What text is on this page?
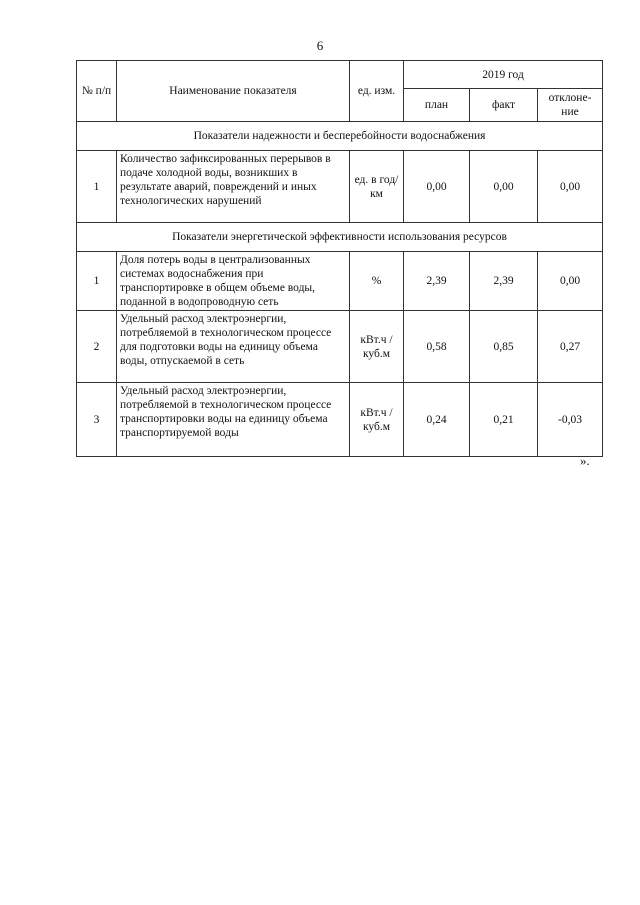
6
№ п/п	Наименование показателя	ед. изм.	2019 год		
			план	факт	отклоне-ние
Показатели надежности и бесперебойности водоснабжения					
1	Количество зафиксированных перерывов в подаче холодной воды, возникших в результате аварий, повреждений и иных технологических нарушений	ед. в год/ км	0,00	0,00	0,00
Показатели энергетической эффективности использования ресурсов					
1	Доля потерь воды в централизованных системах водоснабжения при транспортировке в общем объеме воды, поданной в водопроводную сеть	%	2,39	2,39	0,00
2	Удельный расход электроэнергии, потребляемой в технологическом процессе для подготовки воды на единицу объема воды, отпускаемой в сеть	кВт.ч / куб.м	0,58	0,85	0,27
3	Удельный расход электроэнергии, потребляемой в технологическом процессе транспортировки воды на единицу объема транспортируемой воды	кВт.ч / куб.м	0,24	0,21	-0,03
».
